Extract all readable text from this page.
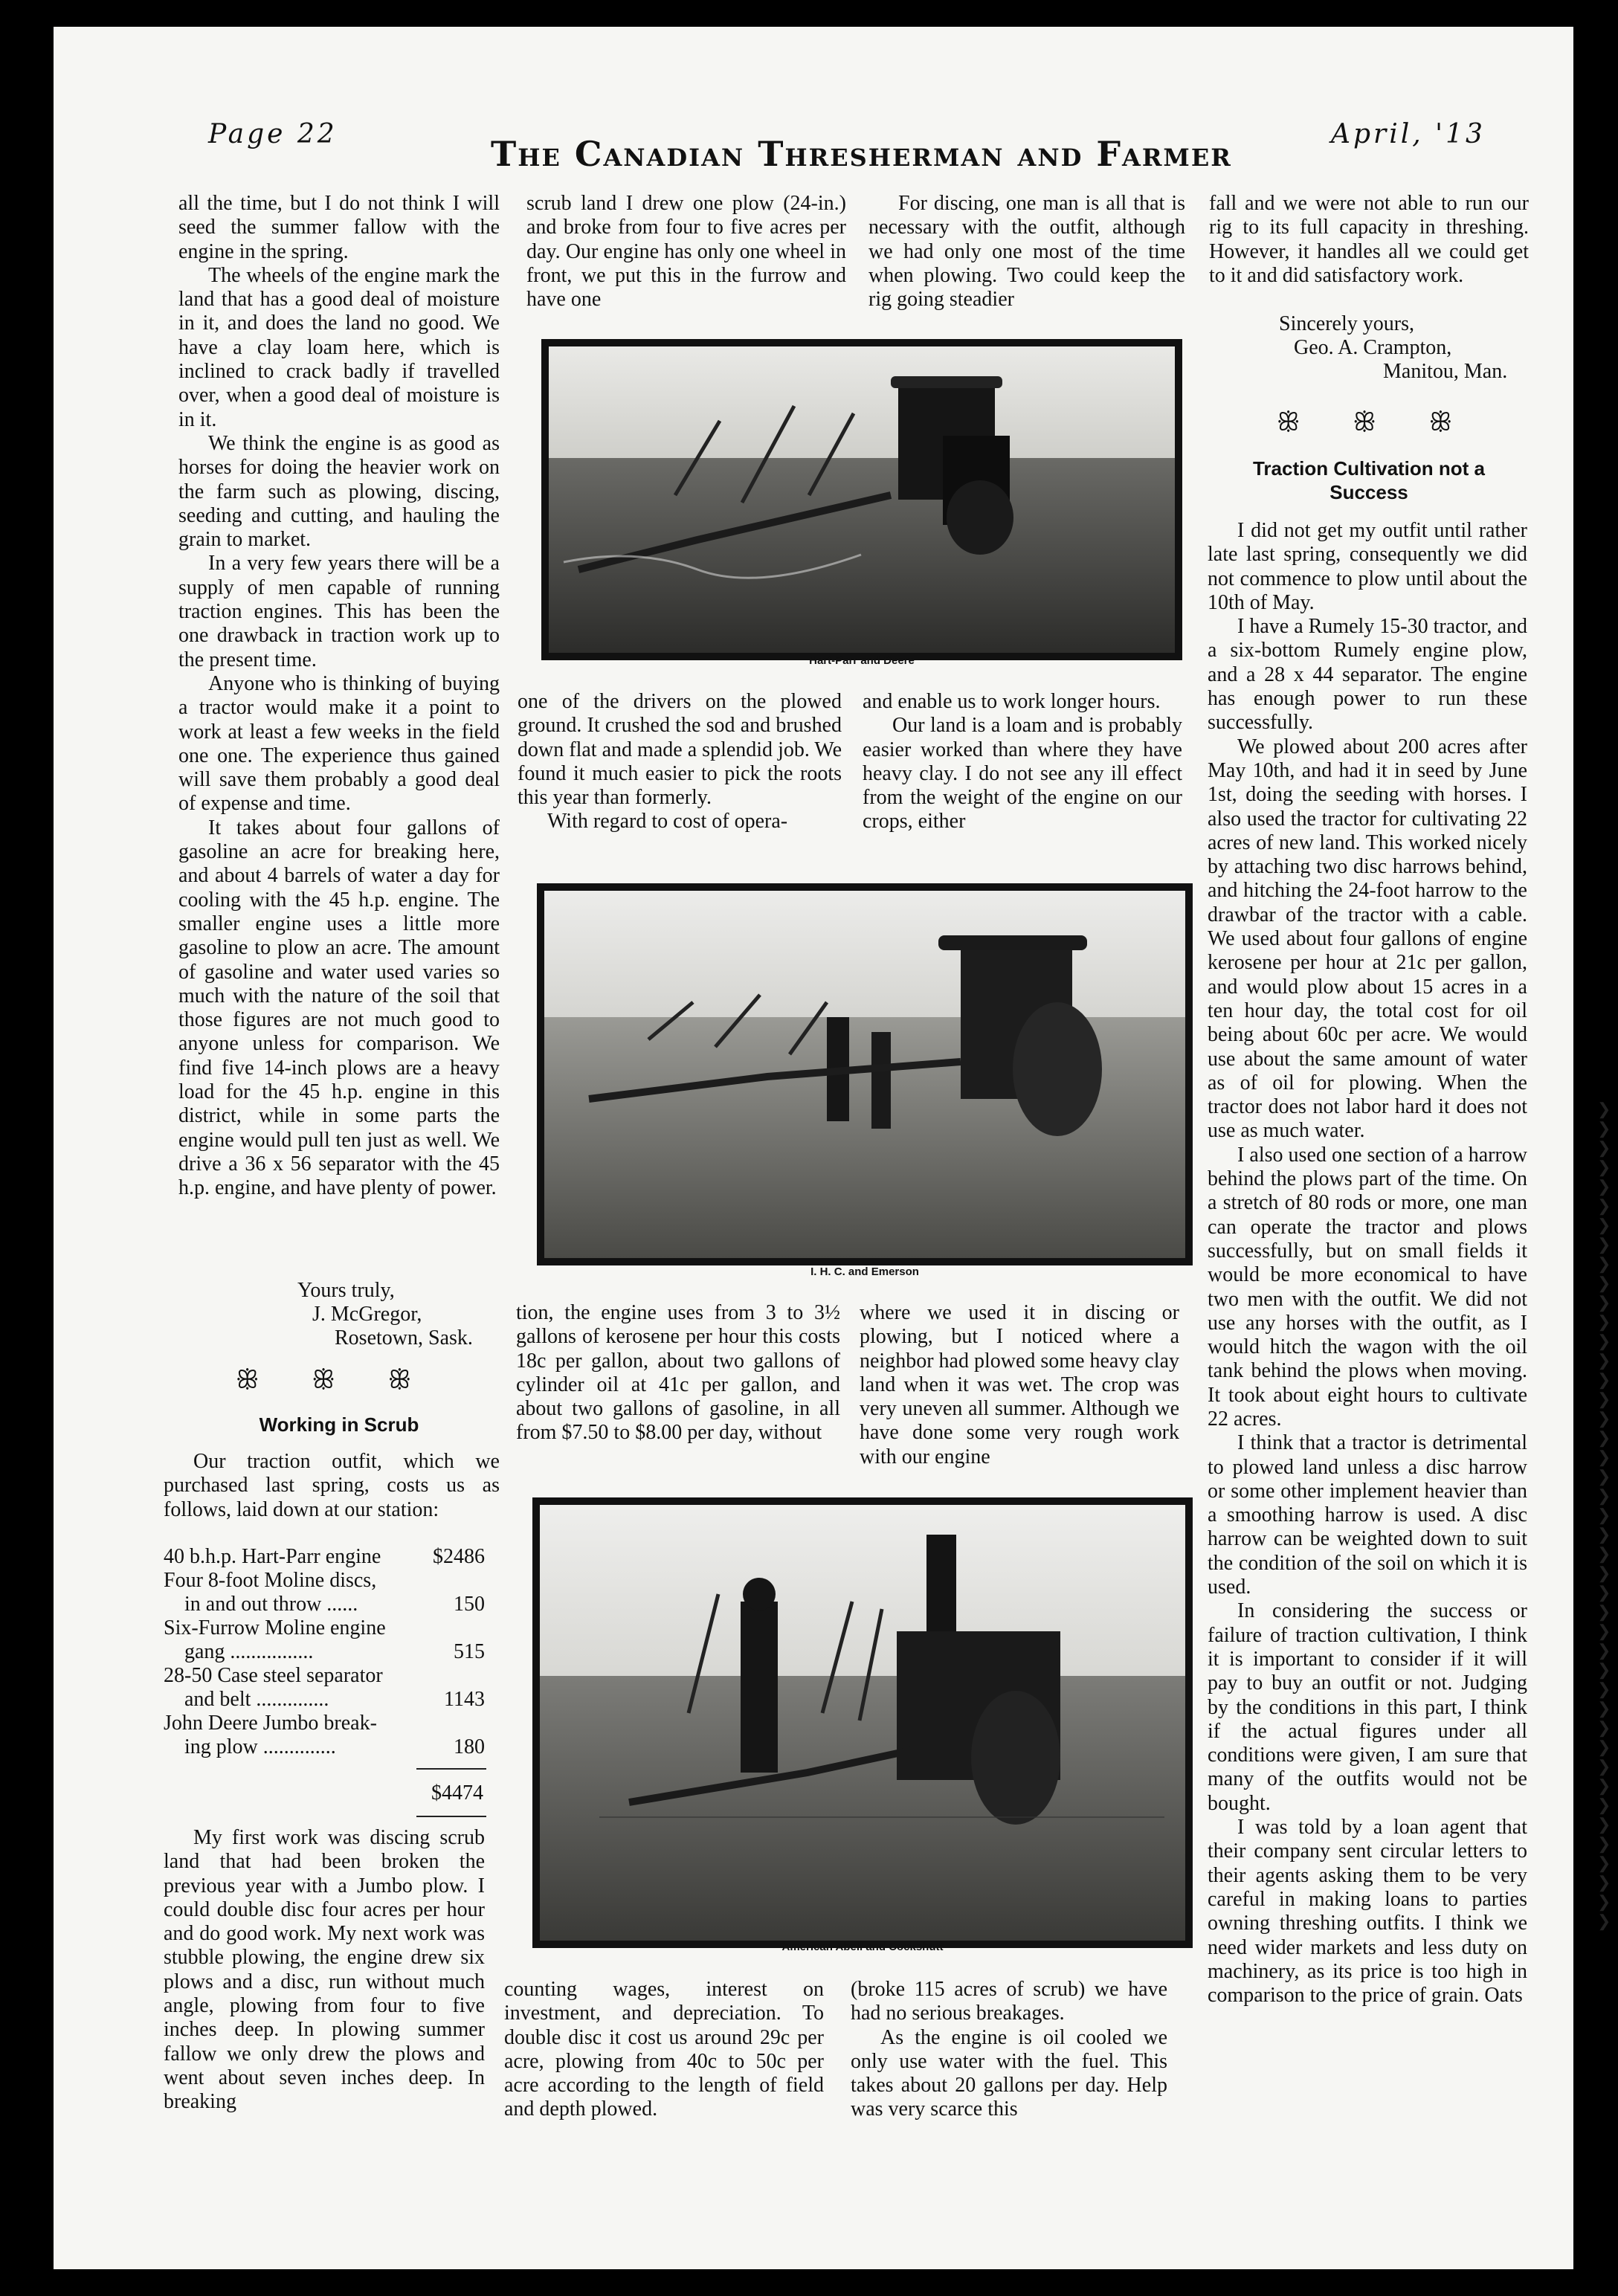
Page 22	The Canadian Thresherman and Farmer	April, '13

all the time, but I do not think I will seed the summer fallow with the engine in the spring.

The wheels of the engine mark the land that has a good deal of moisture in it, and does the land no good. We have a clay loam here, which is inclined to crack badly if travelled over, when a good deal of moisture is in it.

We think the engine is as good as horses for doing the heavier work on the farm such as plowing, discing, seeding and cutting, and hauling the grain to market.

In a very few years there will be a supply of men capable of running traction engines. This has been the one drawback in traction work up to the present time.

Anyone who is thinking of buying a tractor would make it a point to work at least a few weeks in the field one one. The experience thus gained will save them probably a good deal of expense and time.

It takes about four gallons of gasoline an acre for breaking here, and about 4 barrels of water a day for cooling with the 45 h.p. engine. The smaller engine uses a little more gasoline to plow an acre. The amount of gasoline and water used varies so much with the nature of the soil that those figures are not much good to anyone unless for comparison. We find five 14-inch plows are a heavy load for the 45 h.p. engine in this district, while in some parts the engine would pull ten just as well. We drive a 36 x 56 separator with the 45 h.p. engine, and have plenty of power.

Yours truly,
J. McGregor,
Rosetown, Sask.
ꕥ ꕥ ꕥ
Working in Scrub

Our traction outfit, which we purchased last spring, costs us as follows, laid down at our station:

40 b.h.p. Hart-Parr engine $2486
Four 8-foot Moline discs,
in and out throw ......	150
Six-Furrow Moline engine
gang ................	515
28-50 Case steel separator
and belt ..............	1143
John Deere Jumbo break-
ing plow ..............	180
$4474

My first work was discing scrub land that had been broken the previous year with a Jumbo plow. I could double disc four acres per hour and do good work. My next work was stubble plowing, the engine drew six plows and a disc, run without much angle, plowing from four to five inches deep. In plowing summer fallow we only drew the plows and went about seven inches deep. In breaking

scrub land I drew one plow (24-in.) and broke from four to five acres per day. Our engine has only one wheel in front, we put this in the furrow and have one

one of the drivers on the plowed ground. It crushed the sod and brushed down flat and made a splendid job. We found it much easier to pick the roots this year than formerly.

With regard to cost of opera-

tion, the engine uses from 3 to 3½ gallons of kerosene per hour this costs 18c per gallon, about two gallons of cylinder oil at 41c per gallon, and about two gallons of gasoline, in all from $7.50 to $8.00 per day, without

counting wages, interest on investment, and depreciation. To double disc it cost us around 29c per acre, plowing from 40c to 50c per acre according to the length of field and depth plowed.

For discing, one man is all that is necessary with the outfit, although we had only one most of the time when plowing. Two could keep the rig going steadier

and enable us to work longer hours.

Our land is a loam and is probably easier worked than where they have heavy clay. I do not see any ill effect from the weight of the engine on our crops, either

where we used it in discing or plowing, but I noticed where a neighbor had plowed some heavy clay land when it was wet. The crop was very uneven all summer. Although we have done some very rough work with our engine

(broke 115 acres of scrub) we have had no serious breakages.

As the engine is oil cooled we only use water with the fuel. This takes about 20 gallons per day. Help was very scarce this

fall and we were not able to run our rig to its full capacity in threshing. However, it handles all we could get to it and did satisfactory work.

Sincerely yours,
Geo. A. Crampton,
Manitou, Man.
ꕥ ꕥ ꕥ
Traction Cultivation not a
Success

I did not get my outfit until rather late last spring, consequently we did not commence to plow until about the 10th of May.

I have a Rumely 15-30 tractor, and a six-bottom Rumely engine plow, and a 28 x 44 separator. The engine has enough power to run these successfully.

We plowed about 200 acres after May 10th, and had it in seed by June 1st, doing the seeding with horses. I also used the tractor for cultivating 22 acres of new land. This worked nicely by attaching two disc harrows behind, and hitching the 24-foot harrow to the drawbar of the tractor with a cable. We used about four gallons of engine kerosene per hour at 21c per gallon, and would plow about 15 acres in a ten hour day, the total cost for oil being about 60c per acre. We would use about the same amount of water as of oil for plowing. When the tractor does not labor hard it does not use as much water.

I also used one section of a harrow behind the plows part of the time. On a stretch of 80 rods or more, one man can operate the tractor and plows successfully, but on small fields it would be more economical to have two men with the outfit. We did not use any horses with the outfit, as I would hitch the wagon with the oil tank behind the plows when moving. It took about eight hours to cultivate 22 acres.

I think that a tractor is detrimental to plowed land unless a disc harrow or some other implement heavier than a smoothing harrow is used. A disc harrow can be weighted down to suit the condition of the soil on which it is used.

In considering the success or failure of traction cultivation, I think it is important to consider if it will pay to buy an outfit or not. Judging by the conditions in this part, I think if the actual figures under all conditions were given, I am sure that many of the outfits would not be bought.

I was told by a loan agent that their company sent circular letters to their agents asking them to be very careful in making loans to parties owning threshing outfits. I think we need wider markets and less duty on machinery, as its price is too high in comparison to the price of grain. Oats

Hart-Parr and Deere
I. H. C. and Emerson
American Abell and Cockshutt
❯
❯
❯
❯
❯
❯
❯
❯
❯
❯
❯
❯
❯
❯
❯
❯
❯
❯
❯
❯
❯
❯
❯
❯
❯
❯
❯
❯
❯
❯
❯
❯
❯
❯
❯
❯
❯
❯
❯
❯
❯
❯
❯
